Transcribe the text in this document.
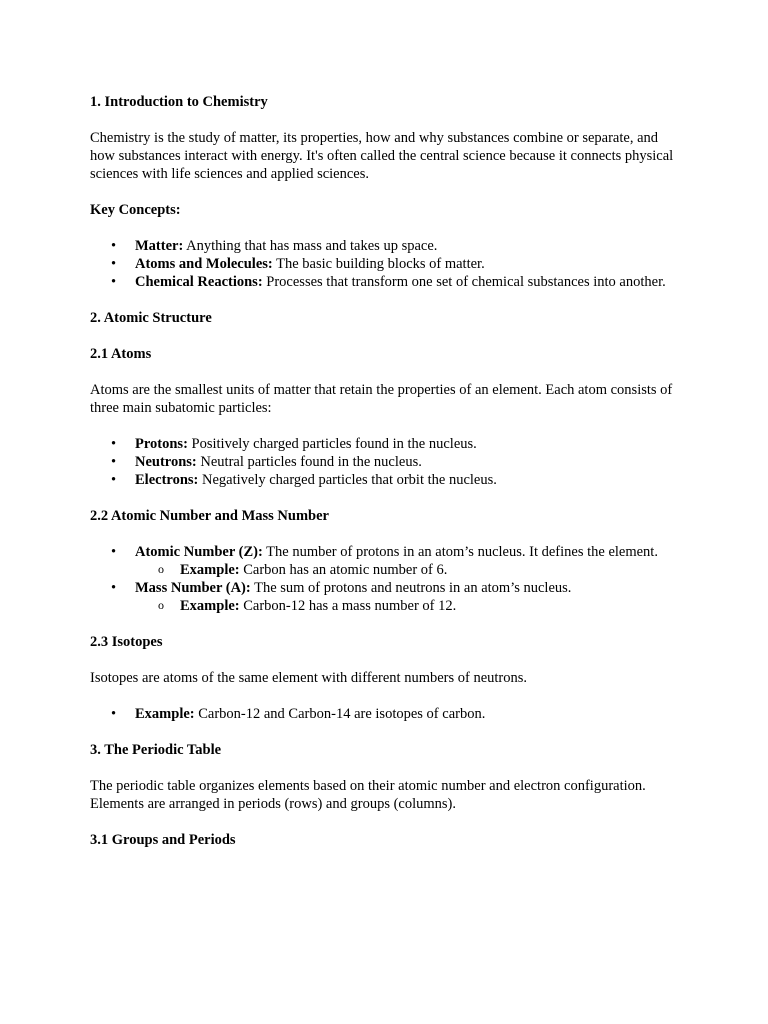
1. Introduction to Chemistry

Chemistry is the study of matter, its properties, how and why substances combine or separate, and how substances interact with energy. It's often called the central science because it connects physical sciences with life sciences and applied sciences.

Key Concepts:
• Matter: Anything that has mass and takes up space.
• Atoms and Molecules: The basic building blocks of matter.
• Chemical Reactions: Processes that transform one set of chemical substances into another.
2. Atomic Structure
2.1 Atoms

Atoms are the smallest units of matter that retain the properties of an element. Each atom consists of three main subatomic particles:

• Protons: Positively charged particles found in the nucleus.
• Neutrons: Neutral particles found in the nucleus.
• Electrons: Negatively charged particles that orbit the nucleus.
2.2 Atomic Number and Mass Number
• Atomic Number (Z): The number of protons in an atom’s nucleus. It defines the element.
o Example: Carbon has an atomic number of 6.
• Mass Number (A): The sum of protons and neutrons in an atom’s nucleus.
o Example: Carbon-12 has a mass number of 12.
2.3 Isotopes

Isotopes are atoms of the same element with different numbers of neutrons.

• Example: Carbon-12 and Carbon-14 are isotopes of carbon.
3. The Periodic Table

The periodic table organizes elements based on their atomic number and electron configuration. Elements are arranged in periods (rows) and groups (columns).

3.1 Groups and Periods
